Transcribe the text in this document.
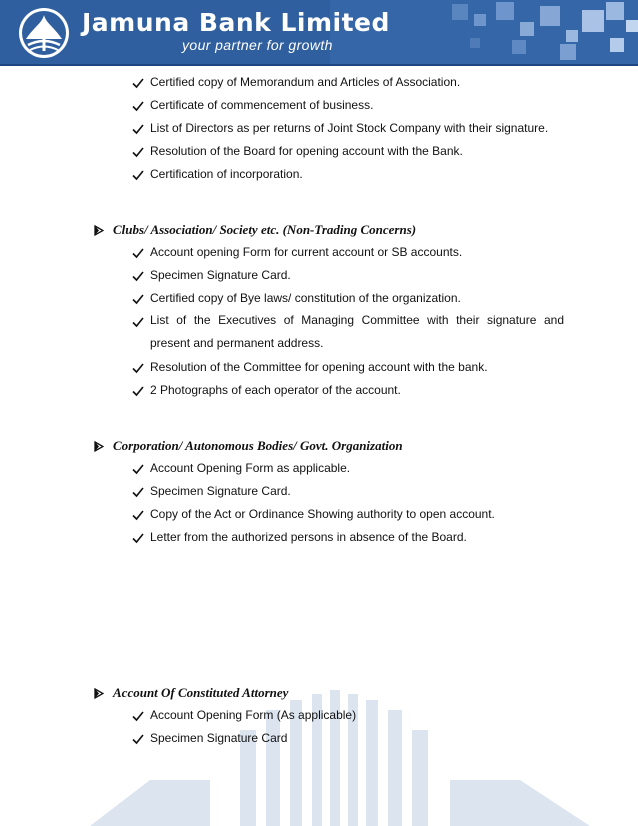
Jamuna Bank Limited
your partner for growth
Certified copy of Memorandum and Articles of Association.
Certificate of commencement of business.
List of Directors as per returns of Joint Stock Company with their signature.
Resolution of the Board for opening account with the Bank.
Certification of incorporation.
Clubs/ Association/ Society etc. (Non-Trading Concerns)
Account opening Form for current account or SB accounts.
Specimen Signature Card.
Certified copy of Bye laws/ constitution of the organization.
List of the Executives of Managing Committee with their signature and present and permanent address.
Resolution of the Committee for opening account with the bank.
2 Photographs of each operator of the account.
Corporation/ Autonomous Bodies/ Govt. Organization
Account Opening Form as applicable.
Specimen Signature Card.
Copy of the Act or Ordinance Showing authority to open account.
Letter from the authorized persons in absence of the Board.
Account Of Constituted Attorney
Account Opening Form (As applicable)
Specimen Signature Card
